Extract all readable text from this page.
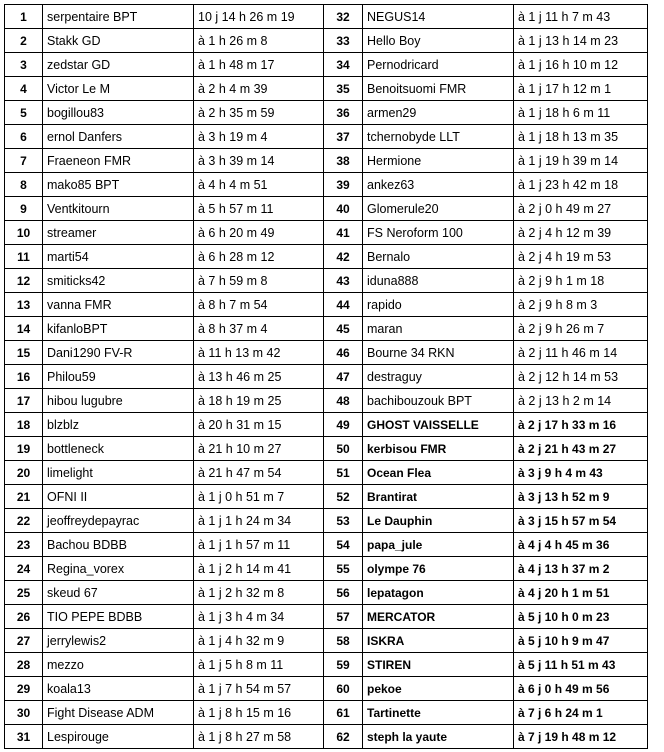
1	serpentaire BPT	10 j 14 h 26 m 19	32	NEGUS14	à 1 j 11 h 7 m 43
2	Stakk GD	à 1 h 26 m 8	33	Hello Boy	à 1 j 13 h 14 m 23
3	zedstar GD	à 1 h 48 m 17	34	Pernodricard	à 1 j 16 h 10 m 12
4	Victor Le M	à 2 h 4 m 39	35	Benoitsuomi FMR	à 1 j 17 h 12 m 1
5	bogillou83	à 2 h 35 m 59	36	armen29	à 1 j 18 h 6 m 11
6	ernol Danfers	à 3 h 19 m 4	37	tchernobyde LLT	à 1 j 18 h 13 m 35
7	Fraeneon FMR	à 3 h 39 m 14	38	Hermione	à 1 j 19 h 39 m 14
8	mako85 BPT	à 4 h 4 m 51	39	ankez63	à 1 j 23 h 42 m 18
9	Ventkitourn	à 5 h 57 m 11	40	Glomerule20	à 2 j 0 h 49 m 27
10	streamer	à 6 h 20 m 49	41	FS Neroform 100	à 2 j 4 h 12 m 39
11	marti54	à 6 h 28 m 12	42	Bernalo	à 2 j 4 h 19 m 53
12	smiticks42	à 7 h 59 m 8	43	iduna888	à 2 j 9 h 1 m 18
13	vanna FMR	à 8 h 7 m 54	44	rapido	à 2 j 9 h 8 m 3
14	kifanloBPT	à 8 h 37 m 4	45	maran	à 2 j 9 h 26 m 7
15	Dani1290 FV-R	à 11 h 13 m 42	46	Bourne 34 RKN	à 2 j 11 h 46 m 14
16	Philou59	à 13 h 46 m 25	47	destraguy	à 2 j 12 h 14 m 53
17	hibou lugubre	à 18 h 19 m 25	48	bachibouzouk BPT	à 2 j 13 h 2 m 14
18	blzblz	à 20 h 31 m 15	49	GHOST VAISSELLE	à 2 j 17 h 33 m 16
19	bottleneck	à 21 h 10 m 27	50	kerbisou FMR	à 2 j 21 h 43 m 27
20	limelight	à 21 h 47 m 54	51	Ocean Flea	à 3 j 9 h 4 m 43
21	OFNI II	à 1 j 0 h 51 m 7	52	Brantirat	à 3 j 13 h 52 m 9
22	jeoffreydepayrac	à 1 j 1 h 24 m 34	53	Le Dauphin	à 3 j 15 h 57 m 54
23	Bachou BDBB	à 1 j 1 h 57 m 11	54	papa_jule	à 4 j 4 h 45 m 36
24	Regina_vorex	à 1 j 2 h 14 m 41	55	olympe 76	à 4 j 13 h 37 m 2
25	skeud 67	à 1 j 2 h 32 m 8	56	lepatagon	à 4 j 20 h 1 m 51
26	TIO PEPE BDBB	à 1 j 3 h 4 m 34	57	MERCATOR	à 5 j 10 h 0 m 23
27	jerrylewis2	à 1 j 4 h 32 m 9	58	ISKRA	à 5 j 10 h 9 m 47
28	mezzo	à 1 j 5 h 8 m 11	59	STIREN	à 5 j 11 h 51 m 43
29	koala13	à 1 j 7 h 54 m 57	60	pekoe	à 6 j 0 h 49 m 56
30	Fight Disease ADM	à 1 j 8 h 15 m 16	61	Tartinette	à 7 j 6 h 24 m 1
31	Lespirouge	à 1 j 8 h 27 m 58	62	steph la yaute	à 7 j 19 h 48 m 12
